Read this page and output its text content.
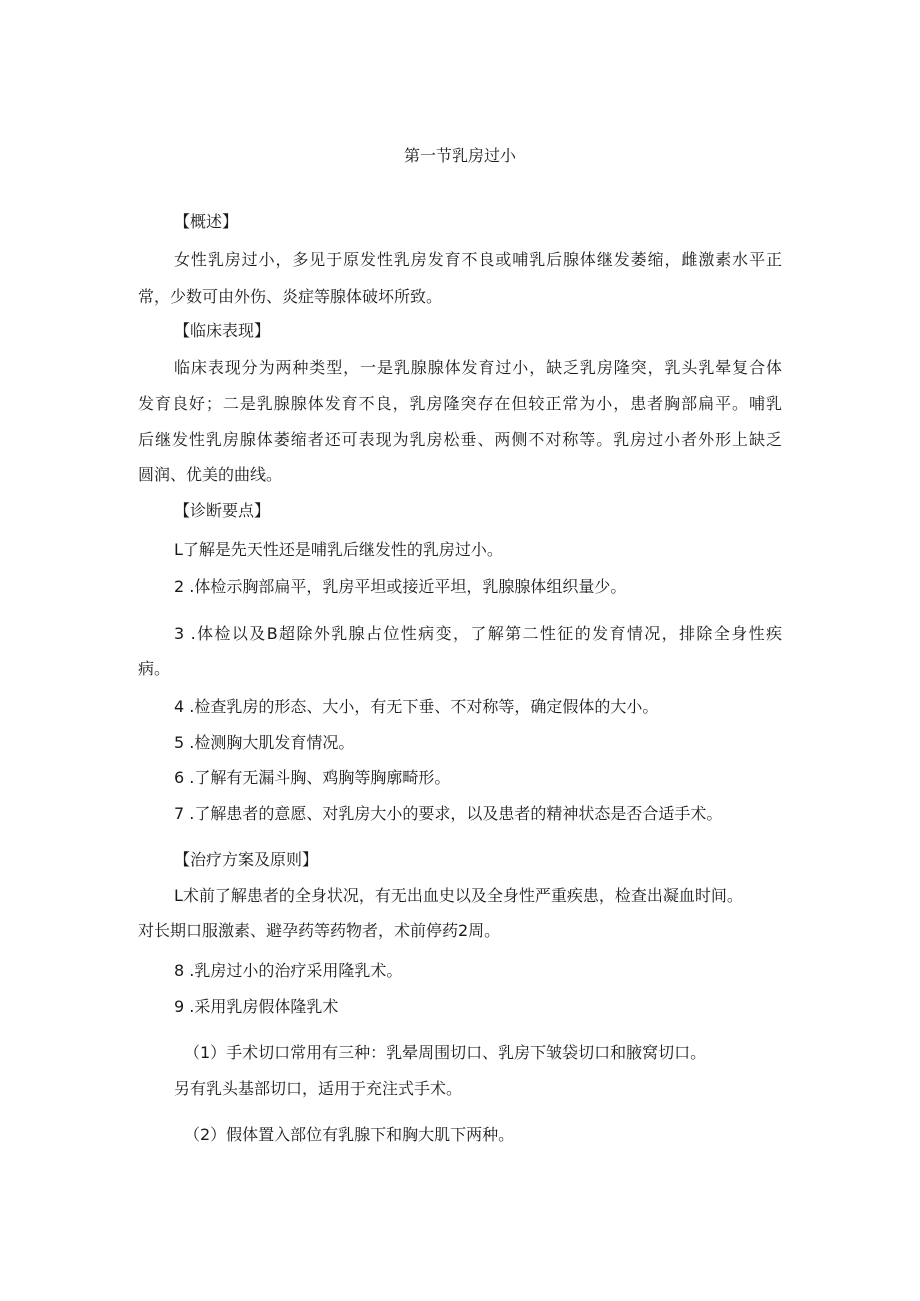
第一节乳房过小

【概述】

女性乳房过小，多见于原发性乳房发育不良或哺乳后腺体继发萎缩，雌激素水平正

常，少数可由外伤、炎症等腺体破坏所致。

【临床表现】

临床表现分为两种类型，一是乳腺腺体发育过小，缺乏乳房隆突，乳头乳晕复合体

发育良好；二是乳腺腺体发育不良，乳房隆突存在但较正常为小，患者胸部扁平。哺乳

后继发性乳房腺体萎缩者还可表现为乳房松垂、两侧不对称等。乳房过小者外形上缺乏

圆润、优美的曲线。

【诊断要点】

L了解是先天性还是哺乳后继发性的乳房过小。

2 .体检示胸部扁平，乳房平坦或接近平坦，乳腺腺体组织量少。

3 .体检以及B超除外乳腺占位性病变，了解第二性征的发育情况，排除全身性疾

病。

4 .检查乳房的形态、大小，有无下垂、不对称等，确定假体的大小。

5 .检测胸大肌发育情况。

6 .了解有无漏斗胸、鸡胸等胸廓畸形。

7 .了解患者的意愿、对乳房大小的要求，以及患者的精神状态是否合适手术。

【治疗方案及原则】

L术前了解患者的全身状况，有无出血史以及全身性严重疾患，检查出凝血时间。

对长期口服激素、避孕药等药物者，术前停药2周。

8 .乳房过小的治疗采用隆乳术。

9 .采用乳房假体隆乳术

（1）手术切口常用有三种：乳晕周围切口、乳房下皱袋切口和腋窝切口。

另有乳头基部切口，适用于充注式手术。

（2）假体置入部位有乳腺下和胸大肌下两种。
